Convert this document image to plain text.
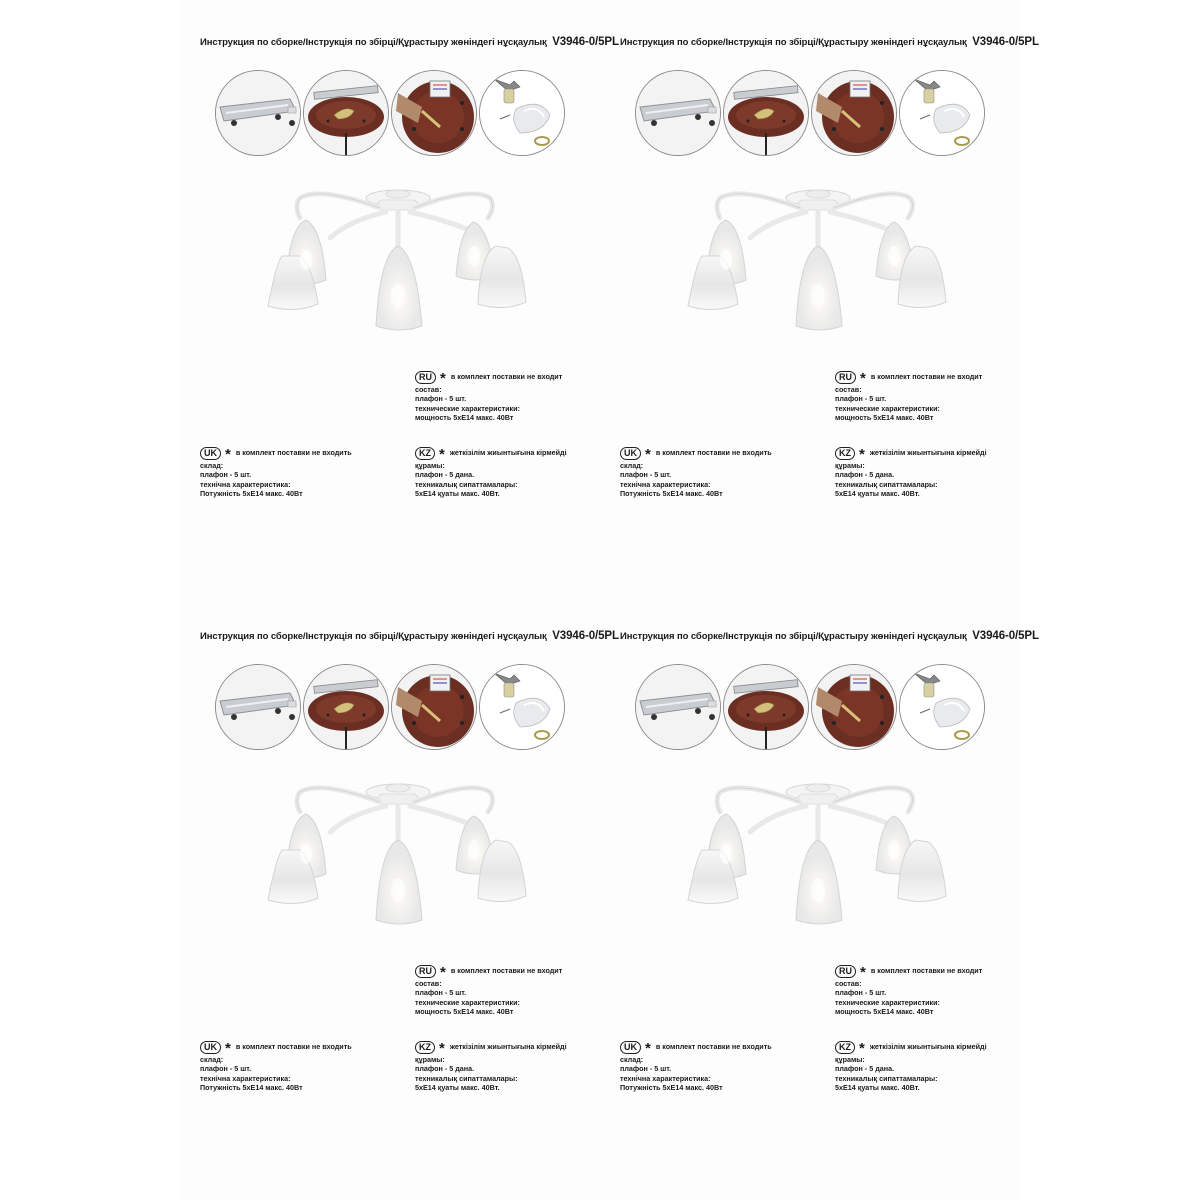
Инструкция по сборке/Інструкція по збірці/Құрастыру жөніндегі нұсқаулық V3946-0/5PL
RU * в комплект поставки не входит
состав:
плафон - 5 шт.
технические характеристики:
мощность 5xE14 макс. 40Вт
UK * в комплект поставки не входить
склад:
плафон - 5 шт.
технічна характеристика:
Потужність 5xE14 макс. 40Вт
KZ * жеткізілім жиынтығына кірмейді
құрамы:
плафон - 5 дана.
техникалық сипаттамалары:
5xE14 қуаты макс. 40Вт.
Инструкция по сборке/Інструкція по збірці/Құрастыру жөніндегі нұсқаулық V3946-0/5PL
RU * в комплект поставки не входит
состав:
плафон - 5 шт.
технические характеристики:
мощность 5xE14 макс. 40Вт
UK * в комплект поставки не входить
склад:
плафон - 5 шт.
технічна характеристика:
Потужність 5xE14 макс. 40Вт
KZ * жеткізілім жиынтығына кірмейді
құрамы:
плафон - 5 дана.
техникалық сипаттамалары:
5xE14 қуаты макс. 40Вт.
Инструкция по сборке/Інструкція по збірці/Құрастыру жөніндегі нұсқаулық V3946-0/5PL
RU * в комплект поставки не входит
состав:
плафон - 5 шт.
технические характеристики:
мощность 5xE14 макс. 40Вт
UK * в комплект поставки не входить
склад:
плафон - 5 шт.
технічна характеристика:
Потужність 5xE14 макс. 40Вт
KZ * жеткізілім жиынтығына кірмейді
құрамы:
плафон - 5 дана.
техникалық сипаттамалары:
5xE14 қуаты макс. 40Вт.
Инструкция по сборке/Інструкція по збірці/Құрастыру жөніндегі нұсқаулық V3946-0/5PL
RU * в комплект поставки не входит
состав:
плафон - 5 шт.
технические характеристики:
мощность 5xE14 макс. 40Вт
UK * в комплект поставки не входить
склад:
плафон - 5 шт.
технічна характеристика:
Потужність 5xE14 макс. 40Вт
KZ * жеткізілім жиынтығына кірмейді
құрамы:
плафон - 5 дана.
техникалық сипаттамалары:
5xE14 қуаты макс. 40Вт.
